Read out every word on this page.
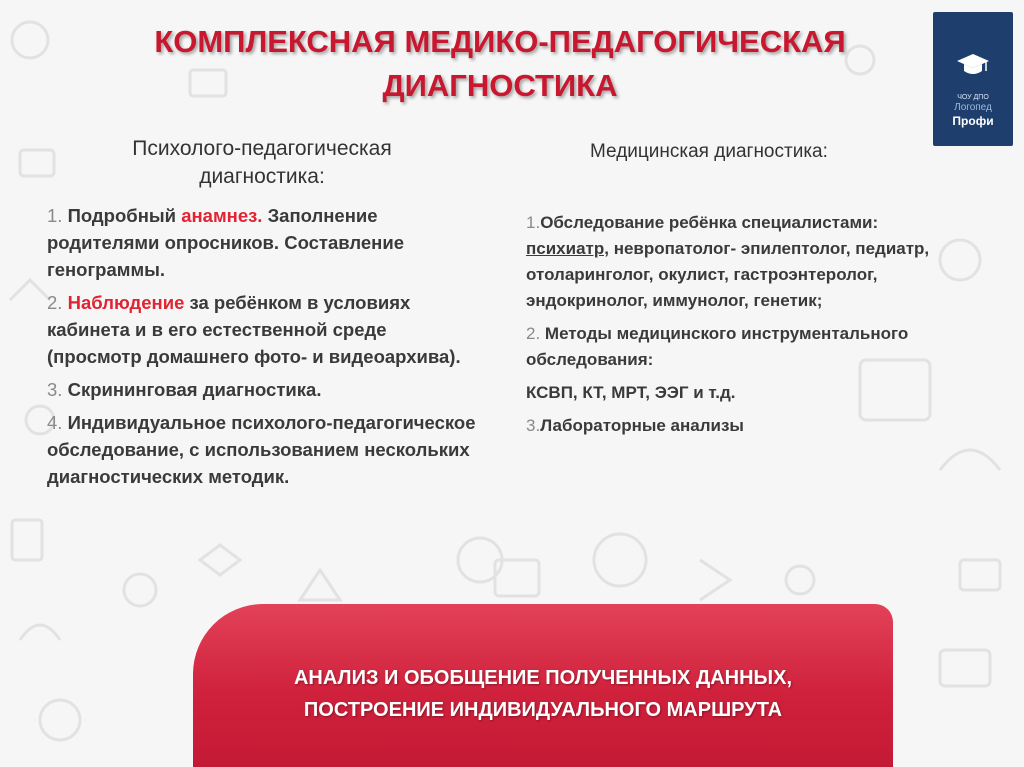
КОМПЛЕКСНАЯ МЕДИКО-ПЕДАГОГИЧЕСКАЯ
ДИАГНОСТИКА	ЧОУ ДПО
Логопед
Профи
Психолого-педагогическая
диагностика:
Медицинская диагностика:

1. Подробный анамнез. Заполнение родителями опросников. Составление генограммы.

2. Наблюдение за ребёнком в условиях кабинета и в его естественной среде (просмотр домашнего фото- и видеоархива).

3. Скрининговая диагностика.

4. Индивидуальное психолого-педагогическое обследование, с использованием нескольких диагностических методик.

1.Обследование ребёнка специалистами: психиатр, невропатолог- эпилептолог, педиатр, отоларинголог, окулист, гастроэнтеролог, эндокринолог, иммунолог, генетик;

2. Методы медицинского инструментального обследования:

КСВП, КТ, МРТ, ЭЭГ и т.д.

3.Лабораторные анализы

АНАЛИЗ И ОБОБЩЕНИЕ ПОЛУЧЕННЫХ ДАННЫХ,
ПОСТРОЕНИЕ ИНДИВИДУАЛЬНОГО МАРШРУТА
